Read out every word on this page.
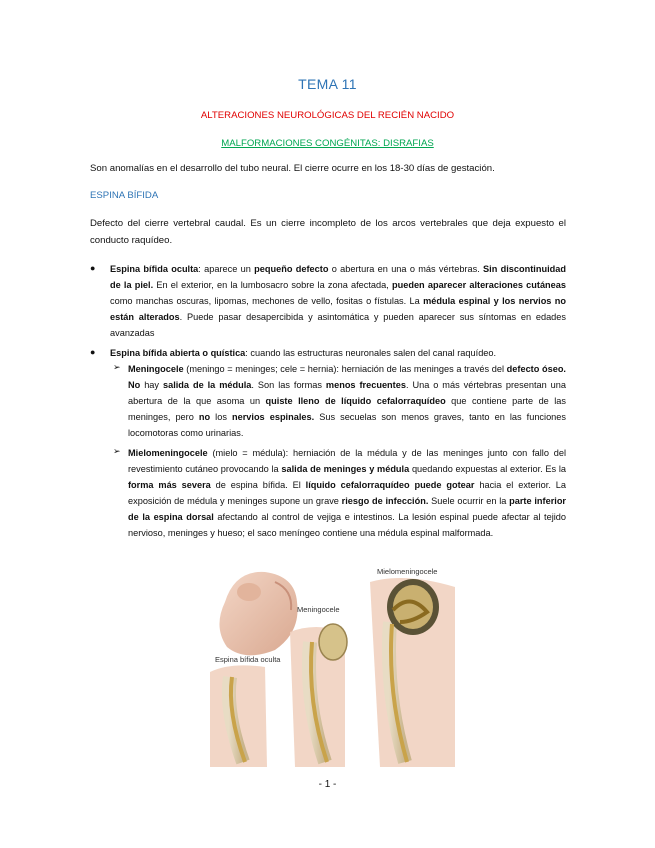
TEMA 11
ALTERACIONES NEUROLÓGICAS DEL RECIÉN NACIDO
MALFORMACIONES CONGÉNITAS: DISRAFIAS
Son anomalías en el desarrollo del tubo neural. El cierre ocurre en los 18-30 días de gestación.
ESPINA BÍFIDA
Defecto del cierre vertebral caudal. Es un cierre incompleto de los arcos vertebrales que deja expuesto el conducto raquídeo.
● Espina bífida oculta: aparece un pequeño defecto o abertura en una o más vértebras. Sin discontinuidad de la piel. En el exterior, en la lumbosacro sobre la zona afectada, pueden aparecer alteraciones cutáneas como manchas oscuras, lipomas, mechones de vello, fositas o fístulas. La médula espinal y los nervios no están alterados. Puede pasar desapercibida y asintomática y pueden aparecer sus síntomas en edades avanzadas
● Espina bífida abierta o quística: cuando las estructuras neuronales salen del canal raquídeo.
➢ Meningocele (meningo = meninges; cele = hernia): herniación de las meninges a través del defecto óseo. No hay salida de la médula. Son las formas menos frecuentes. Una o más vértebras presentan una abertura de la que asoma un quiste lleno de líquido cefalorraquídeo que contiene parte de las meninges, pero no los nervios espinales. Sus secuelas son menos graves, tanto en las funciones locomotoras como urinarias.
➢ Mielomeningocele (mielo = médula): herniación de la médula y de las meninges junto con fallo del revestimiento cutáneo provocando la salida de meninges y médula quedando expuestas al exterior. Es la forma más severa de espina bífida. El líquido cefalorraquídeo puede gotear hacia el exterior. La exposición de médula y meninges supone un grave riesgo de infección. Suele ocurrir en la parte inferior de la espina dorsal afectando al control de vejiga e intestinos. La lesión espinal puede afectar al tejido nervioso, meninges y hueso; el saco meníngeo contiene una médula espinal malformada.
Espina bífida oculta
Meningocele
Mielomeningocele
- 1 -
